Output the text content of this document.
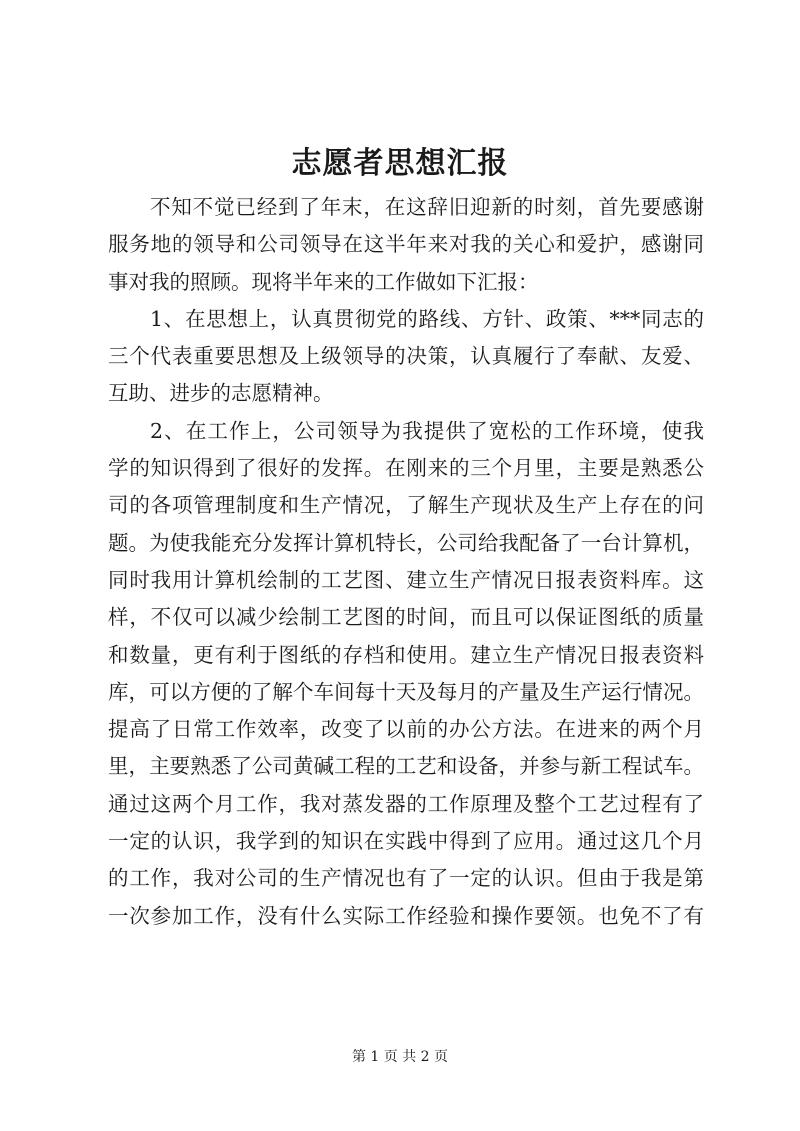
志愿者思想汇报
不知不觉已经到了年末，在这辞旧迎新的时刻，首先要感谢
服务地的领导和公司领导在这半年来对我的关心和爱护，感谢同
事对我的照顾。现将半年来的工作做如下汇报：
1、在思想上，认真贯彻党的路线、方针、政策、***同志的
三个代表重要思想及上级领导的决策，认真履行了奉献、友爱、
互助、进步的志愿精神。
2、在工作上，公司领导为我提供了宽松的工作环境，使我
学的知识得到了很好的发挥。在刚来的三个月里，主要是熟悉公
司的各项管理制度和生产情况，了解生产现状及生产上存在的问
题。为使我能充分发挥计算机特长，公司给我配备了一台计算机，
同时我用计算机绘制的工艺图、建立生产情况日报表资料库。这
样，不仅可以减少绘制工艺图的时间，而且可以保证图纸的质量
和数量，更有利于图纸的存档和使用。建立生产情况日报表资料
库，可以方便的了解个车间每十天及每月的产量及生产运行情况。
提高了日常工作效率，改变了以前的办公方法。在进来的两个月
里，主要熟悉了公司黄碱工程的工艺和设备，并参与新工程试车。
通过这两个月工作，我对蒸发器的工作原理及整个工艺过程有了
一定的认识，我学到的知识在实践中得到了应用。通过这几个月
的工作，我对公司的生产情况也有了一定的认识。但由于我是第
一次参加工作，没有什么实际工作经验和操作要领。也免不了有
第 1 页 共 2 页
